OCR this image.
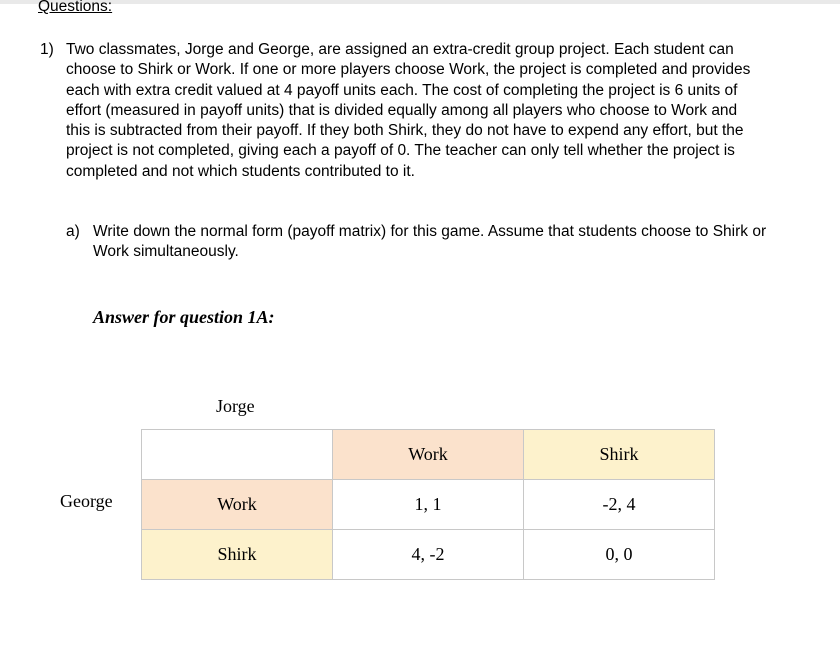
Questions:
1) Two classmates, Jorge and George, are assigned an extra-credit group project. Each student can choose to Shirk or Work. If one or more players choose Work, the project is completed and provides each with extra credit valued at 4 payoff units each. The cost of completing the project is 6 units of effort (measured in payoff units) that is divided equally among all players who choose to Work and this is subtracted from their payoff. If they both Shirk, they do not have to expend any effort, but the project is not completed, giving each a payoff of 0. The teacher can only tell whether the project is completed and not which students contributed to it.
a) Write down the normal form (payoff matrix) for this game. Assume that students choose to Shirk or Work simultaneously.
Answer for question 1A:
Jorge
George
	Work	Shirk
Work	1, 1	-2, 4
Shirk	4, -2	0, 0
